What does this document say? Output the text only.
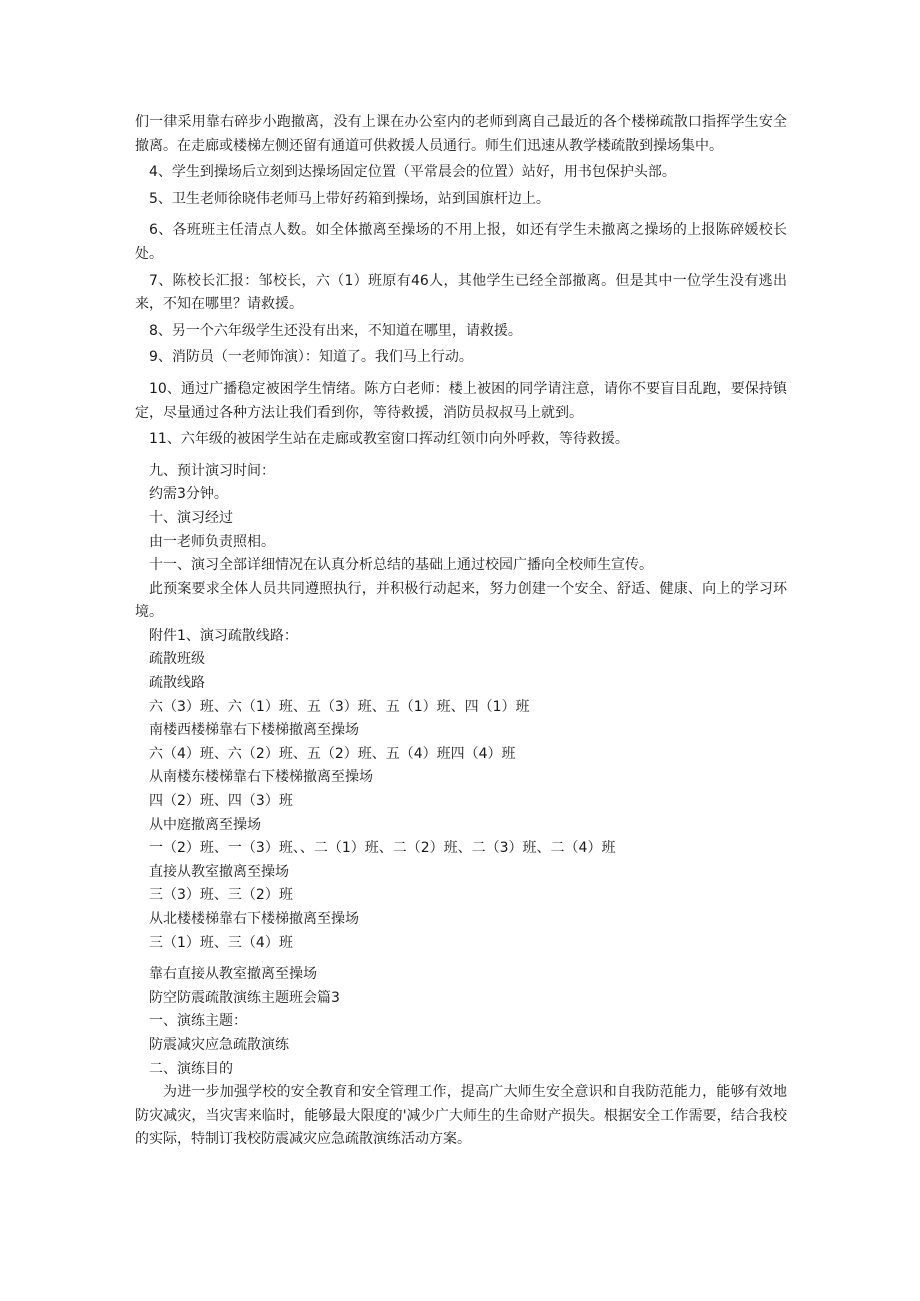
们一律采用靠右碎步小跑撤离，没有上课在办公室内的老师到离自己最近的各个楼梯疏散口指挥学生安全撤离。在走廊或楼梯左侧还留有通道可供救援人员通行。师生们迅速从教学楼疏散到操场集中。

4、学生到操场后立刻到达操场固定位置（平常晨会的位置）站好，用书包保护头部。

5、卫生老师徐晓伟老师马上带好药箱到操场，站到国旗杆边上。

6、各班班主任清点人数。如全体撤离至操场的不用上报，如还有学生未撤离之操场的上报陈碎媛校长处。

7、陈校长汇报：邹校长，六（1）班原有46人，其他学生已经全部撤离。但是其中一位学生没有逃出来，不知在哪里？请救援。

8、另一个六年级学生还没有出来，不知道在哪里，请救援。

9、消防员（一老师饰演）：知道了。我们马上行动。

10、通过广播稳定被困学生情绪。陈方白老师：楼上被困的同学请注意，请你不要盲目乱跑，要保持镇定，尽量通过各种方法让我们看到你，等待救援，消防员叔叔马上就到。

11、六年级的被困学生站在走廊或教室窗口挥动红领巾向外呼救，等待救援。

九、预计演习时间：

约需3分钟。

十、演习经过

由一老师负责照相。

十一、演习全部详细情况在认真分析总结的基础上通过校园广播向全校师生宣传。

此预案要求全体人员共同遵照执行，并积极行动起来，努力创建一个安全、舒适、健康、向上的学习环境。

附件1、演习疏散线路：

疏散班级

疏散线路

六（3）班、六（1）班、五（3）班、五（1）班、四（1）班

南楼西楼梯靠右下楼梯撤离至操场

六（4）班、六（2）班、五（2）班、五（4）班四（4）班

从南楼东楼梯靠右下楼梯撤离至操场

四（2）班、四（3）班

从中庭撤离至操场

一（2）班、一（3）班、、二（1）班、二（2）班、二（3）班、二（4）班

直接从教室撤离至操场

三（3）班、三（2）班

从北楼楼梯靠右下楼梯撤离至操场

三（1）班、三（4）班

靠右直接从教室撤离至操场

防空防震疏散演练主题班会篇3

一、演练主题：

防震减灾应急疏散演练

二、演练目的

为进一步加强学校的安全教育和安全管理工作，提高广大师生安全意识和自我防范能力，能够有效地防灾减灾，当灾害来临时，能够最大限度的'减少广大师生的生命财产损失。根据安全工作需要，结合我校的实际，特制订我校防震减灾应急疏散演练活动方案。
